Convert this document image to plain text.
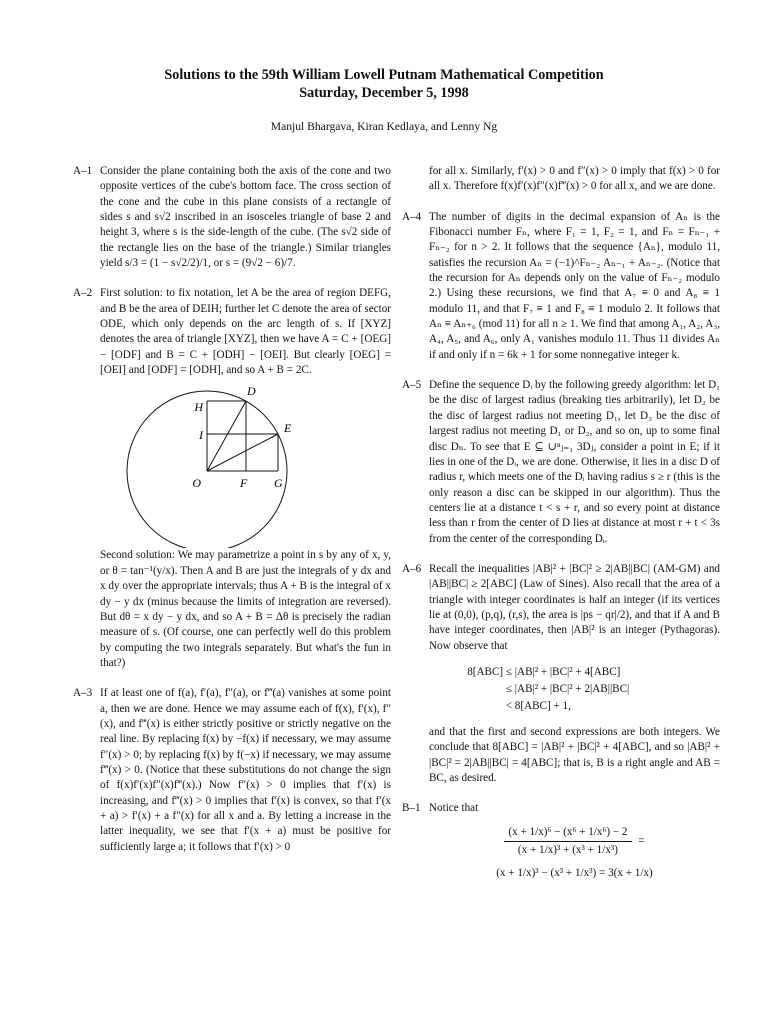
Solutions to the 59th William Lowell Putnam Mathematical Competition
Saturday, December 5, 1998
Manjul Bhargava, Kiran Kedlaya, and Lenny Ng
A–1 Consider the plane containing both the axis of the cone and two opposite vertices of the cube's bottom face. The cross section of the cone and the cube in this plane consists of a rectangle of sides s and s√2 inscribed in an isosceles triangle of base 2 and height 3, where s is the side-length of the cube. (The s√2 side of the rectangle lies on the base of the triangle.) Similar triangles yield s/3 = (1 − s√2/2)/1, or s = (9√2 − 6)/7.

A–2 First solution: to fix notation, let A be the area of region DEFG, and B be the area of DEIH; further let C denote the area of sector ODE, which only depends on the arc length of s. If [XYZ] denotes the area of triangle [XYZ], then we have A = C + [OEG] − [ODF] and B = C + [ODH] − [OEI]. But clearly [OEG] = [OEI] and [ODF] = [ODH], and so A + B = 2C.

D
H
E
I
O	F G

Second solution: We may parametrize a point in s by any of x, y, or θ = tan⁻¹(y/x). Then A and B are just the integrals of y dx and x dy over the appropriate intervals; thus A + B is the integral of x dy − y dx (minus because the limits of integration are reversed). But dθ = x dy − y dx, and so A + B = Δθ is precisely the radian measure of s. (Of course, one can perfectly well do this problem by computing the two integrals separately. But what's the fun in that?)

A–3 If at least one of f(a), f′(a), f″(a), or f‴(a) vanishes at some point a, then we are done. Hence we may assume each of f(x), f′(x), f″(x), and f‴(x) is either strictly positive or strictly negative on the real line. By replacing f(x) by −f(x) if necessary, we may assume f″(x) > 0; by replacing f(x) by f(−x) if necessary, we may assume f‴(x) > 0. (Notice that these substitutions do not change the sign of f(x)f′(x)f″(x)f‴(x).) Now f″(x) > 0 implies that f′(x) is increasing, and f‴(x) > 0 implies that f′(x) is convex, so that f′(x + a) > f′(x) + a f″(x) for all x and a. By letting a increase in the latter inequality, we see that f′(x + a) must be positive for sufficiently large a; it follows that f′(x) > 0

for all x. Similarly, f′(x) > 0 and f″(x) > 0 imply that f(x) > 0 for all x. Therefore f(x)f′(x)f″(x)f‴(x) > 0 for all x, and we are done.

A–4 The number of digits in the decimal expansion of Aₙ is the Fibonacci number Fₙ, where F₁ = 1, F₂ = 1, and Fₙ = Fₙ₋₁ + Fₙ₋₂ for n > 2. It follows that the sequence {Aₙ}, modulo 11, satisfies the recursion Aₙ = (−1)^Fₙ₋₂ Aₙ₋₁ + Aₙ₋₂. (Notice that the recursion for Aₙ depends only on the value of Fₙ₋₂ modulo 2.) Using these recursions, we find that A₇ ≡ 0 and A₈ ≡ 1 modulo 11, and that F₇ ≡ 1 and F₈ ≡ 1 modulo 2. It follows that Aₙ ≡ Aₙ₊₆ (mod 11) for all n ≥ 1. We find that among A₁, A₂, A₃, A₄, A₅, and A₆, only A₁ vanishes modulo 11. Thus 11 divides Aₙ if and only if n = 6k + 1 for some nonnegative integer k.

A–5 Define the sequence Dᵢ by the following greedy algorithm: let D₁ be the disc of largest radius (breaking ties arbitrarily), let D₂ be the disc of largest radius not meeting D₁, let D₃ be the disc of largest radius not meeting D₁ or D₂, and so on, up to some final disc Dₙ. To see that E ⊆ ∪ⁿⱼ₌₁ 3Dⱼ, consider a point in E; if it lies in one of the Dᵢ, we are done. Otherwise, it lies in a disc D of radius r, which meets one of the Dᵢ having radius s ≥ r (this is the only reason a disc can be skipped in our algorithm). Thus the centers lie at a distance t < s + r, and so every point at distance less than r from the center of D lies at distance at most r + t < 3s from the center of the corresponding Dᵢ.

A–6 Recall the inequalities |AB|² + |BC|² ≥ 2|AB||BC| (AM-GM) and |AB||BC| ≥ 2[ABC] (Law of Sines). Also recall that the area of a triangle with integer coordinates is half an integer (if its vertices lie at (0,0), (p,q), (r,s), the area is |ps − qr|/2), and that if A and B have integer coordinates, then |AB|² is an integer (Pythagoras). Now observe that

8[ABC] ≤ |AB|² + |BC|² + 4[ABC]
≤ |AB|² + |BC|² + 2|AB||BC|
< 8[ABC] + 1,

and that the first and second expressions are both integers. We conclude that 8[ABC] = |AB|² + |BC|² + 4[ABC], and so |AB|² + |BC|² = 2|AB||BC| = 4[ABC]; that is, B is a right angle and AB = BC, as desired.

B–1 Notice that

$\frac{\text{(x + 1/x)⁶ − (x⁶ + 1/x⁶) − 2}}{\text{(x + 1/x)³ + (x³ + 1/x³)}}$ =
(x + 1/x)³ − (x³ + 1/x³) = 3(x + 1/x)
